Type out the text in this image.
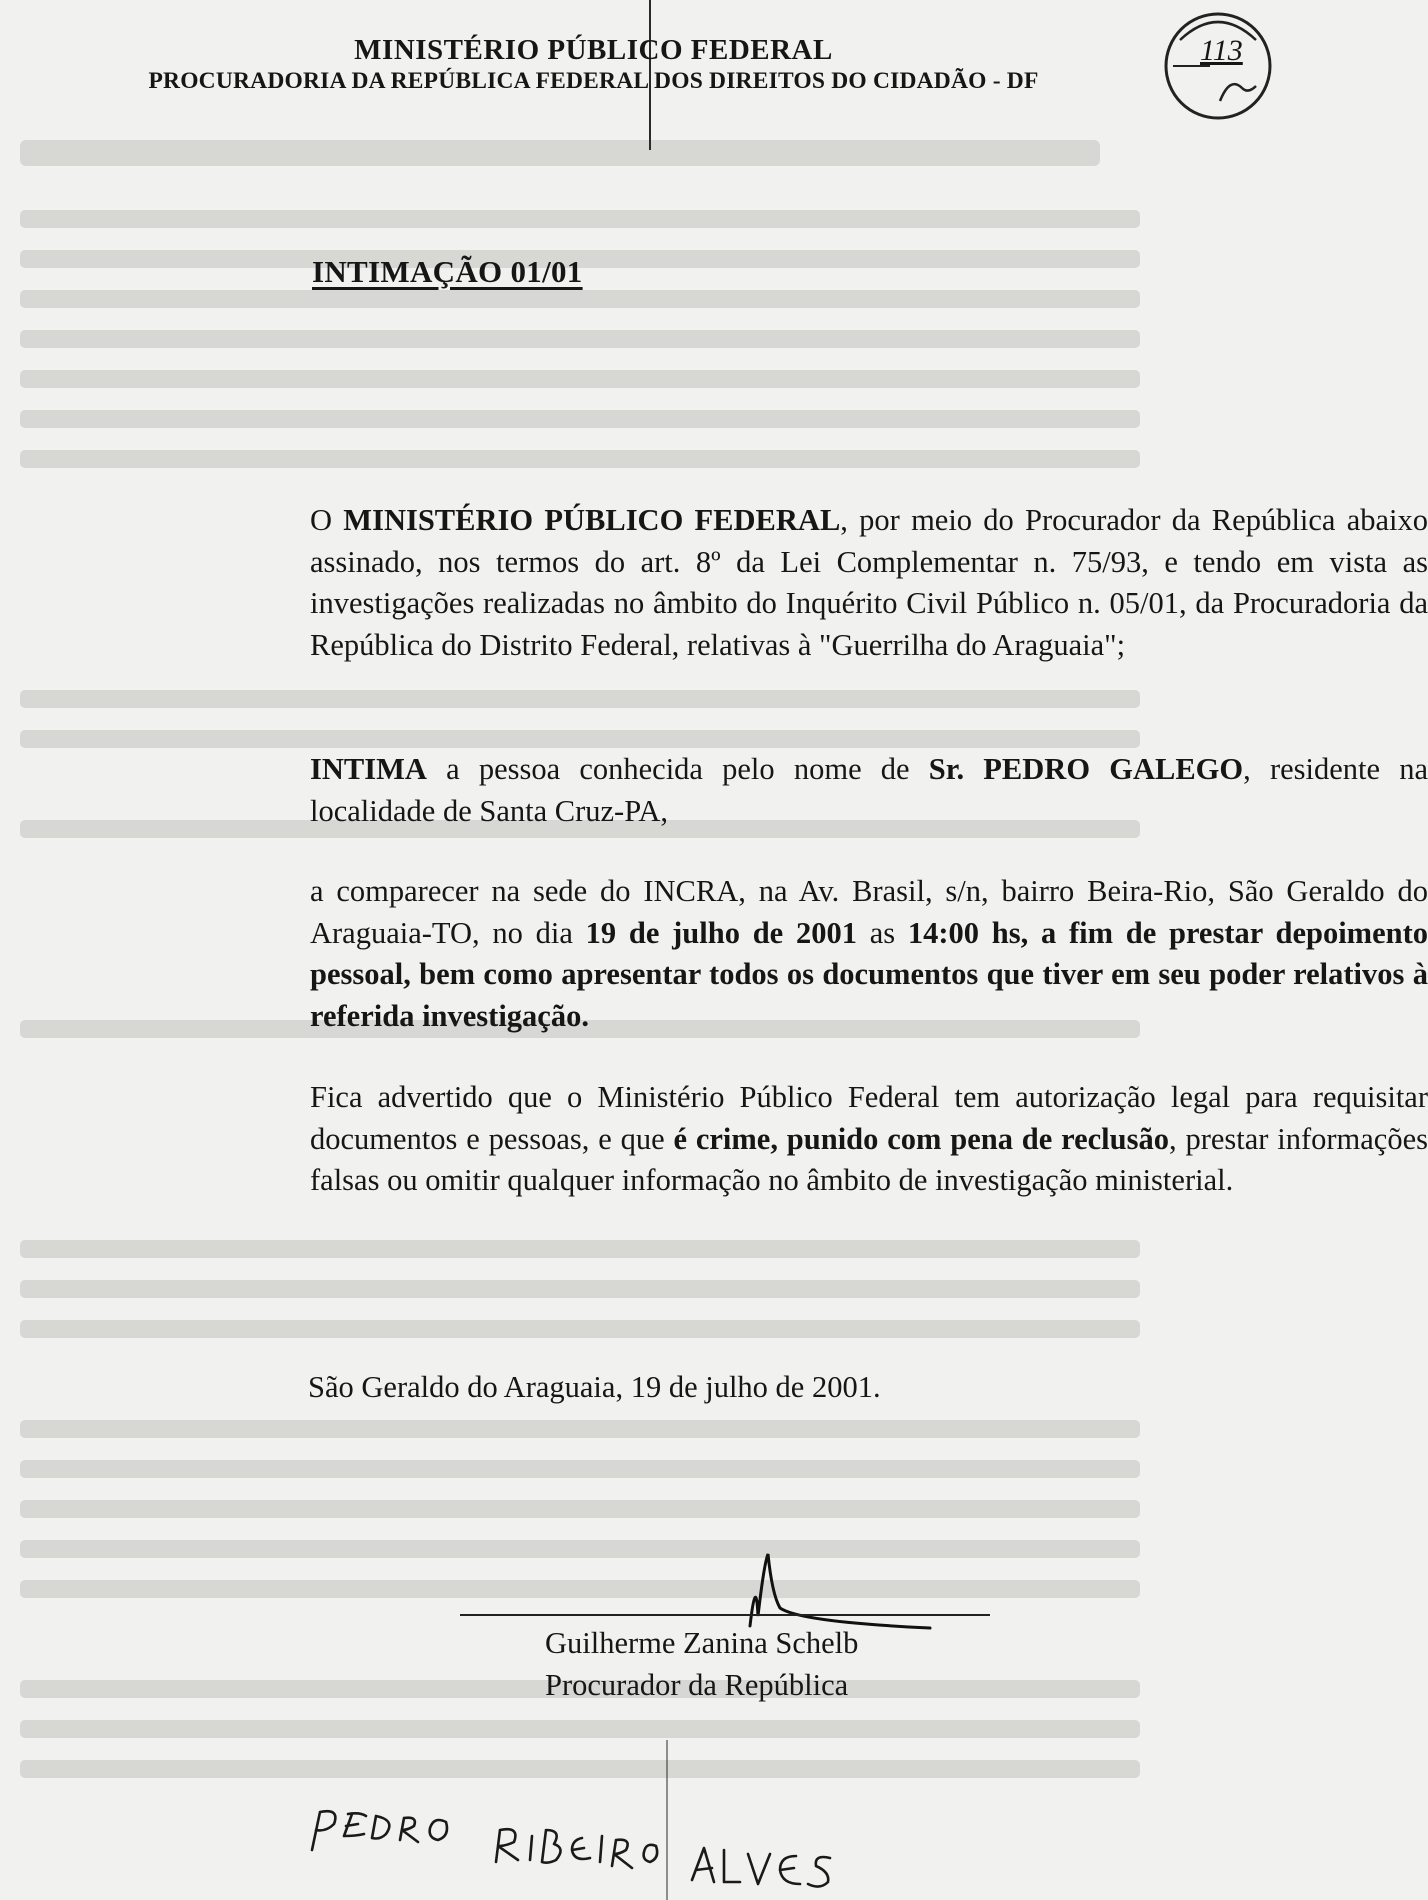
MINISTÉRIO PÚBLICO FEDERAL
PROCURADORIA DA REPÚBLICA FEDERAL DOS DIREITOS DO CIDADÃO - DF
113
INTIMAÇÃO 01/01
O MINISTÉRIO PÚBLICO FEDERAL, por meio do Procurador da República abaixo assinado, nos termos do art. 8º da Lei Complementar n. 75/93, e tendo em vista as investigações realizadas no âmbito do Inquérito Civil Público n. 05/01, da Procuradoria da República do Distrito Federal, relativas à "Guerrilha do Araguaia";
INTIMA a pessoa conhecida pelo nome de Sr. PEDRO GALEGO, residente na localidade de Santa Cruz-PA,
a comparecer na sede do INCRA, na Av. Brasil, s/n, bairro Beira-Rio, São Geraldo do Araguaia-TO, no dia 19 de julho de 2001 as 14:00 hs, a fim de prestar depoimento pessoal, bem como apresentar todos os documentos que tiver em seu poder relativos à referida investigação.
Fica advertido que o Ministério Público Federal tem autorização legal para requisitar documentos e pessoas, e que é crime, punido com pena de reclusão, prestar informações falsas ou omitir qualquer informação no âmbito de investigação ministerial.
São Geraldo do Araguaia, 19 de julho de 2001.
Guilherme Zanina Schelb
Procurador da República
